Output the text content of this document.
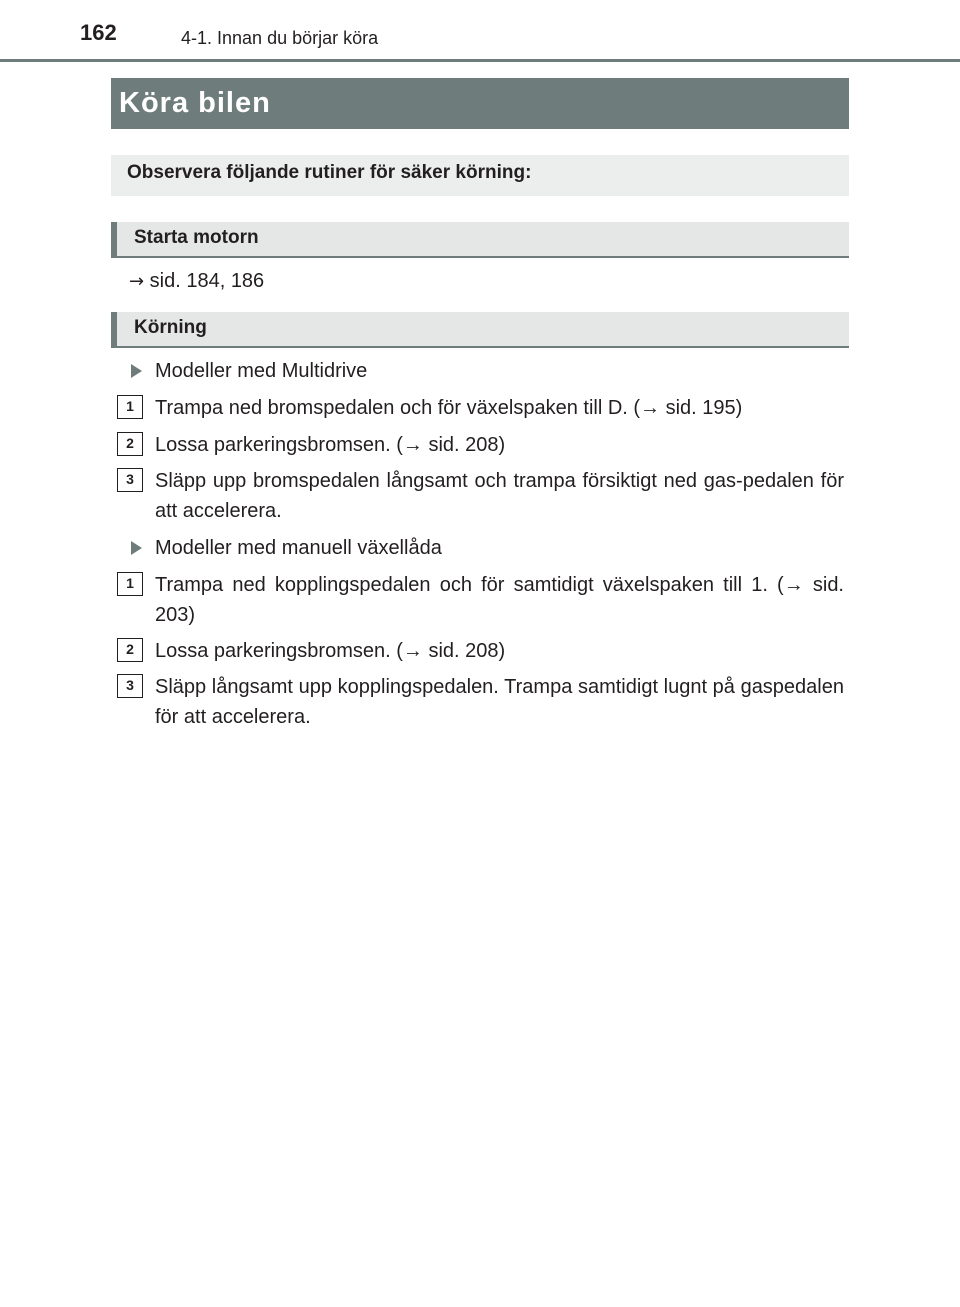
162	4-1. Innan du börjar köra
Köra bilen
Observera följande rutiner för säker körning:
Starta motorn
→ sid. 184, 186
Körning
Modeller med Multidrive
1	Trampa ned bromspedalen och för växelspaken till D. (→ sid. 195)
2	Lossa parkeringsbromsen. (→ sid. 208)
3	Släpp upp bromspedalen långsamt och trampa försiktigt ned gas-pedalen för att accelerera.
Modeller med manuell växellåda
1	Trampa ned kopplingspedalen och för samtidigt växelspaken till 1. (→ sid. 203)
2	Lossa parkeringsbromsen. (→ sid. 208)
3	Släpp långsamt upp kopplingspedalen. Trampa samtidigt lugnt på gaspedalen för att accelerera.
